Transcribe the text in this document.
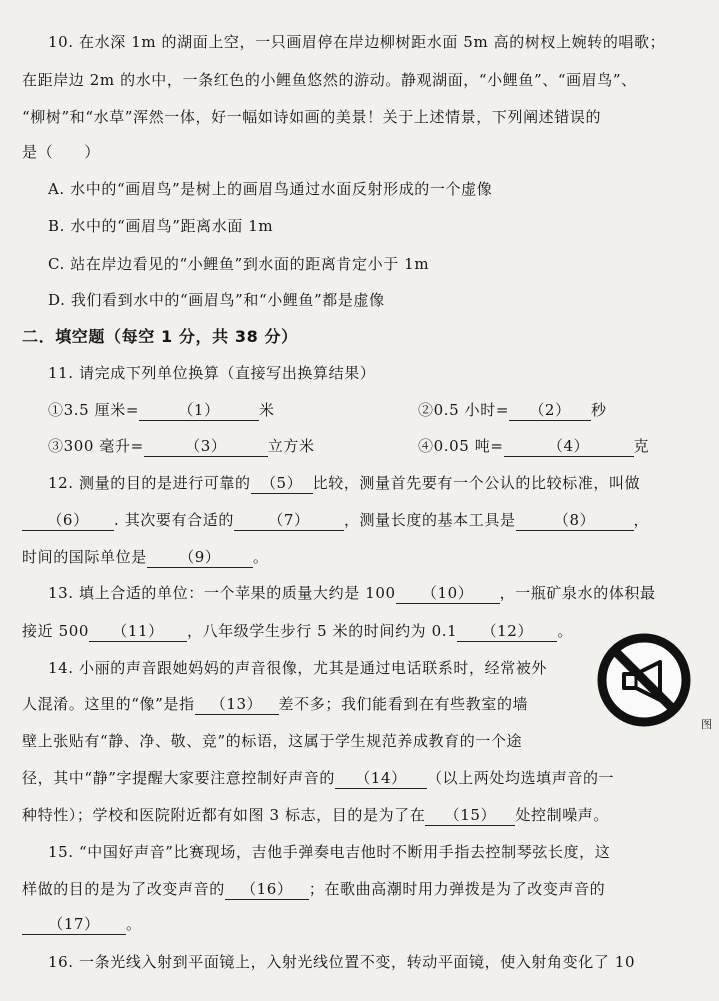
10. 在水深 1m 的湖面上空，一只画眉停在岸边柳树距水面 5m 高的树杈上婉转的唱歌；
在距岸边 2m 的水中，一条红色的小鲤鱼悠然的游动。静观湖面，“小鲤鱼”、“画眉鸟”、
“柳树”和“水草”浑然一体，好一幅如诗如画的美景！关于上述情景，下列阐述错误的
是（　　）
A. 水中的“画眉鸟”是树上的画眉鸟通过水面反射形成的一个虚像
B. 水中的“画眉鸟”距离水面 1m
C. 站在岸边看见的“小鲤鱼”到水面的距离肯定小于 1m
D. 我们看到水中的“画眉鸟”和“小鲤鱼”都是虚像
二．填空题（每空 1 分，共 38 分）
11. 请完成下列单位换算（直接写出换算结果）
①3.5 厘米=	（1）	米	②0.5 小时= （2） 秒
③300 毫升=	（3）	立方米	④0.05 吨=	（4）	克
12. 测量的目的是进行可靠的 （5） 比较，测量首先要有一个公认的比较标准，叫做
（6） . 其次要有合适的 （7） ，测量长度的基本工具是	（8）	，
时间的国际单位是 （9） 。
13. 填上合适的单位：一个苹果的质量大约是 100 （10） ，一瓶矿泉水的体积最
接近 500 （11） ，八年级学生步行 5 米的时间约为 0.1 （12） 。
14. 小丽的声音跟她妈妈的声音很像，尤其是通过电话联系时，经常被外
人混淆。这里的“像”是指 （13） 差不多；我们能看到在有些教室的墙
壁上张贴有“静、净、敬、竞”的标语，这属于学生规范养成教育的一个途
径，其中“静”字提醒大家要注意控制好声音的 （14） （以上两处均选填声音的一
种特性）；学校和医院附近都有如图 3 标志，目的是为了在 （15） 处控制噪声。
图
15. “中国好声音”比赛现场，吉他手弹奏电吉他时不断用手指去控制琴弦长度，这
样做的目的是为了改变声音的 （16） ；在歌曲高潮时用力弹拨是为了改变声音的
（17） 。
16. 一条光线入射到平面镜上，入射光线位置不变，转动平面镜，使入射角变化了 10
